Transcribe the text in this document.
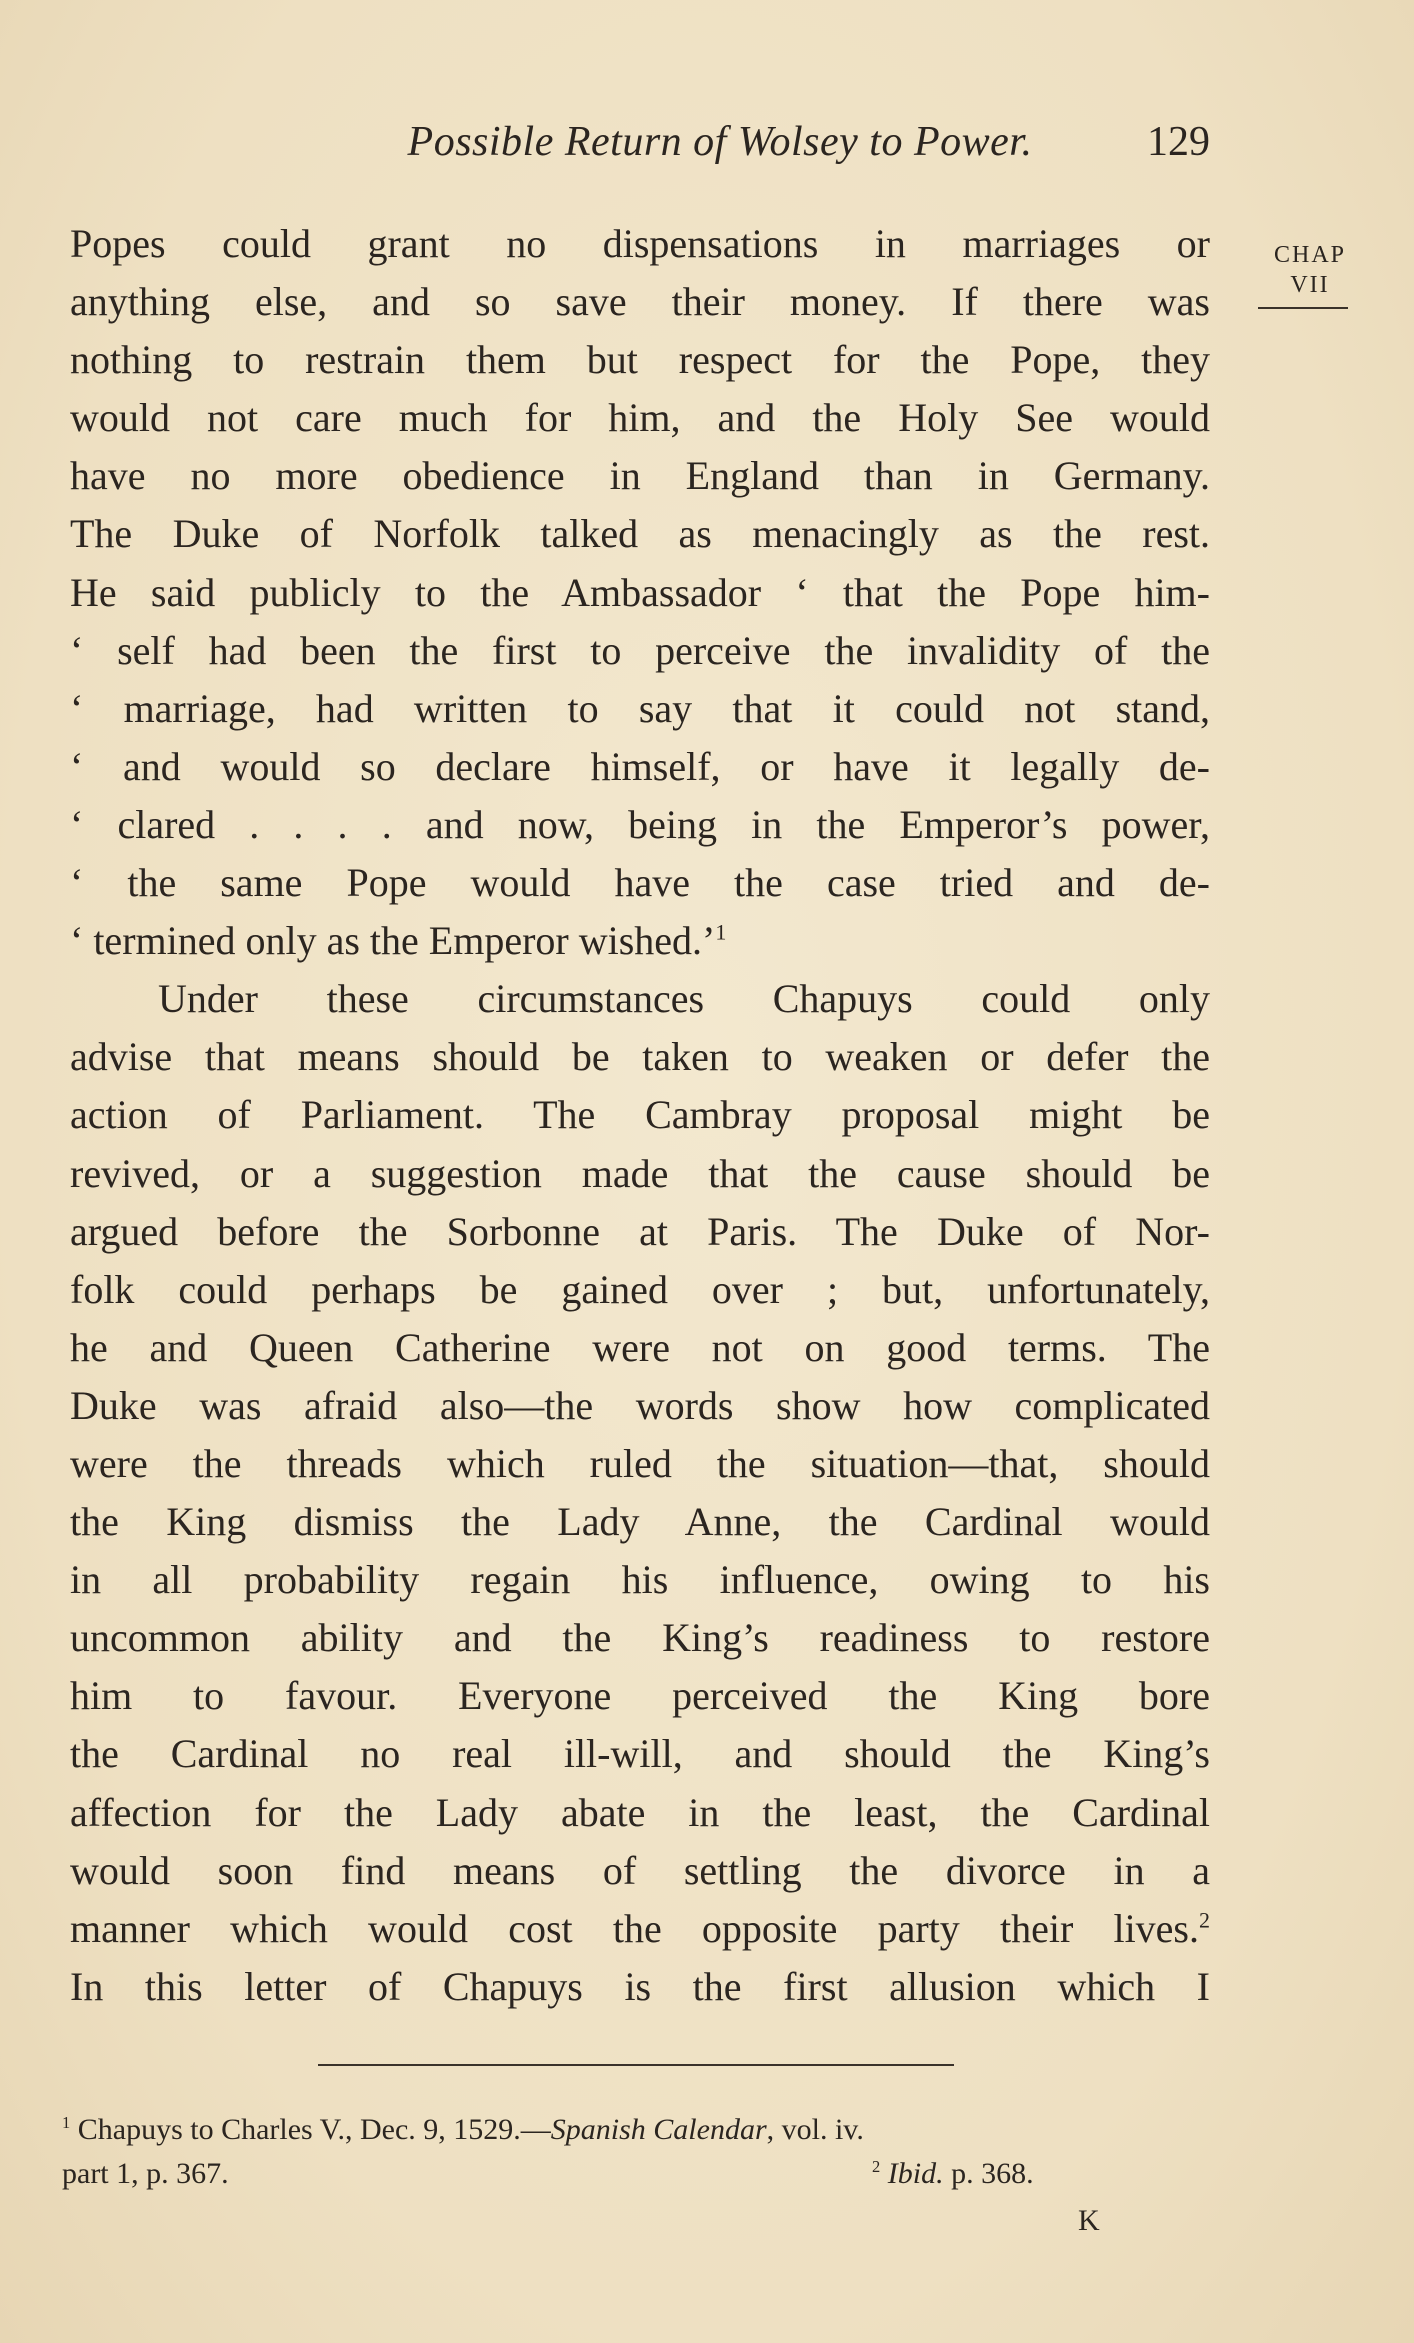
Possible Return of Wolsey to Power.	129
CHAP
VII
Popes could grant no dispensations in marriages or
anything else, and so save their money. If there was
nothing to restrain them but respect for the Pope, they
would not care much for him, and the Holy See would
have no more obedience in England than in Germany.
The Duke of Norfolk talked as menacingly as the rest.
He said publicly to the Ambassador ‘ that the Pope him-
‘ self had been the first to perceive the invalidity of the
‘ marriage, had written to say that it could not stand,
‘ and would so declare himself, or have it legally de-
‘ clared . . . . and now, being in the Emperor’s power,
‘ the same Pope would have the case tried and de-
‘ termined only as the Emperor wished.’$^1$
Under these circumstances Chapuys could only
advise that means should be taken to weaken or defer the
action of Parliament. The Cambray proposal might be
revived, or a suggestion made that the cause should be
argued before the Sorbonne at Paris. The Duke of Nor-
folk could perhaps be gained over ; but, unfortunately,
he and Queen Catherine were not on good terms. The
Duke was afraid also—the words show how complicated
were the threads which ruled the situation—that, should
the King dismiss the Lady Anne, the Cardinal would
in all probability regain his influence, owing to his
uncommon ability and the King’s readiness to restore
him to favour. Everyone perceived the King bore
the Cardinal no real ill-will, and should the King’s
affection for the Lady abate in the least, the Cardinal
would soon find means of settling the divorce in a
manner which would cost the opposite party their lives.$^2$
In this letter of Chapuys is the first allusion which I
$^1$ Chapuys to Charles V., Dec. 9, 1529.—Spanish Calendar, vol. iv.
part 1, p. 367.	$^2$ Ibid. p. 368.
K
